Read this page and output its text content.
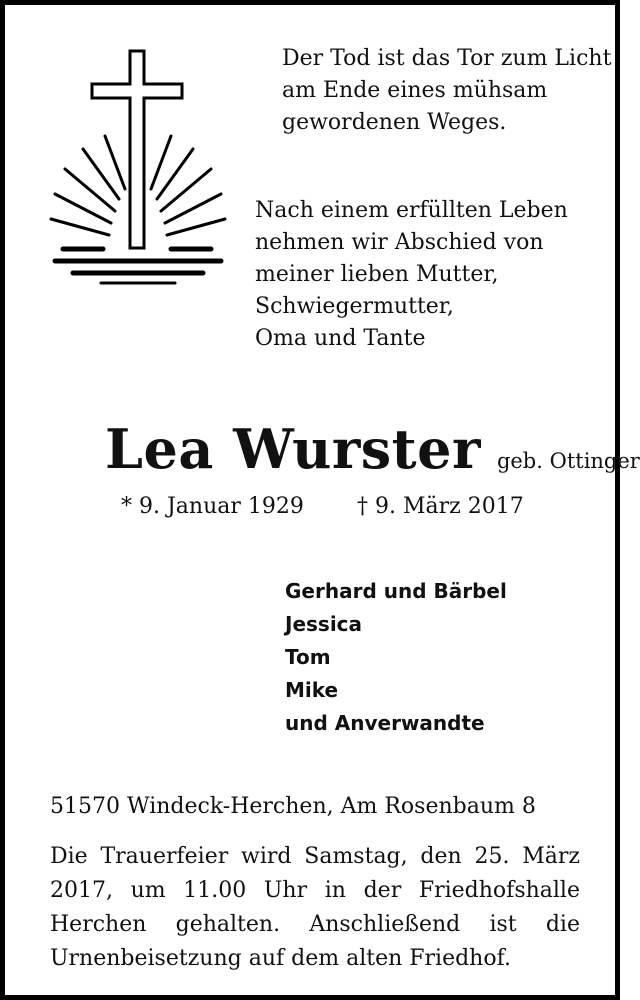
Der Tod ist das Tor zum Licht
am Ende eines mühsam
gewordenen Weges.
Nach einem erfüllten Leben
nehmen wir Abschied von
meiner lieben Mutter,
Schwiegermutter,
Oma und Tante
Lea Wurster geb. Ottinger
* 9. Januar 1929 † 9. März 2017
Gerhard und Bärbel
Jessica
Tom
Mike
und Anverwandte
51570 Windeck-Herchen, Am Rosenbaum 8
Die Trauerfeier wird Samstag, den 25. März 2017, um 11.00 Uhr in der Friedhofshalle Herchen gehalten. Anschließend ist die Urnenbeisetzung auf dem alten Friedhof.
